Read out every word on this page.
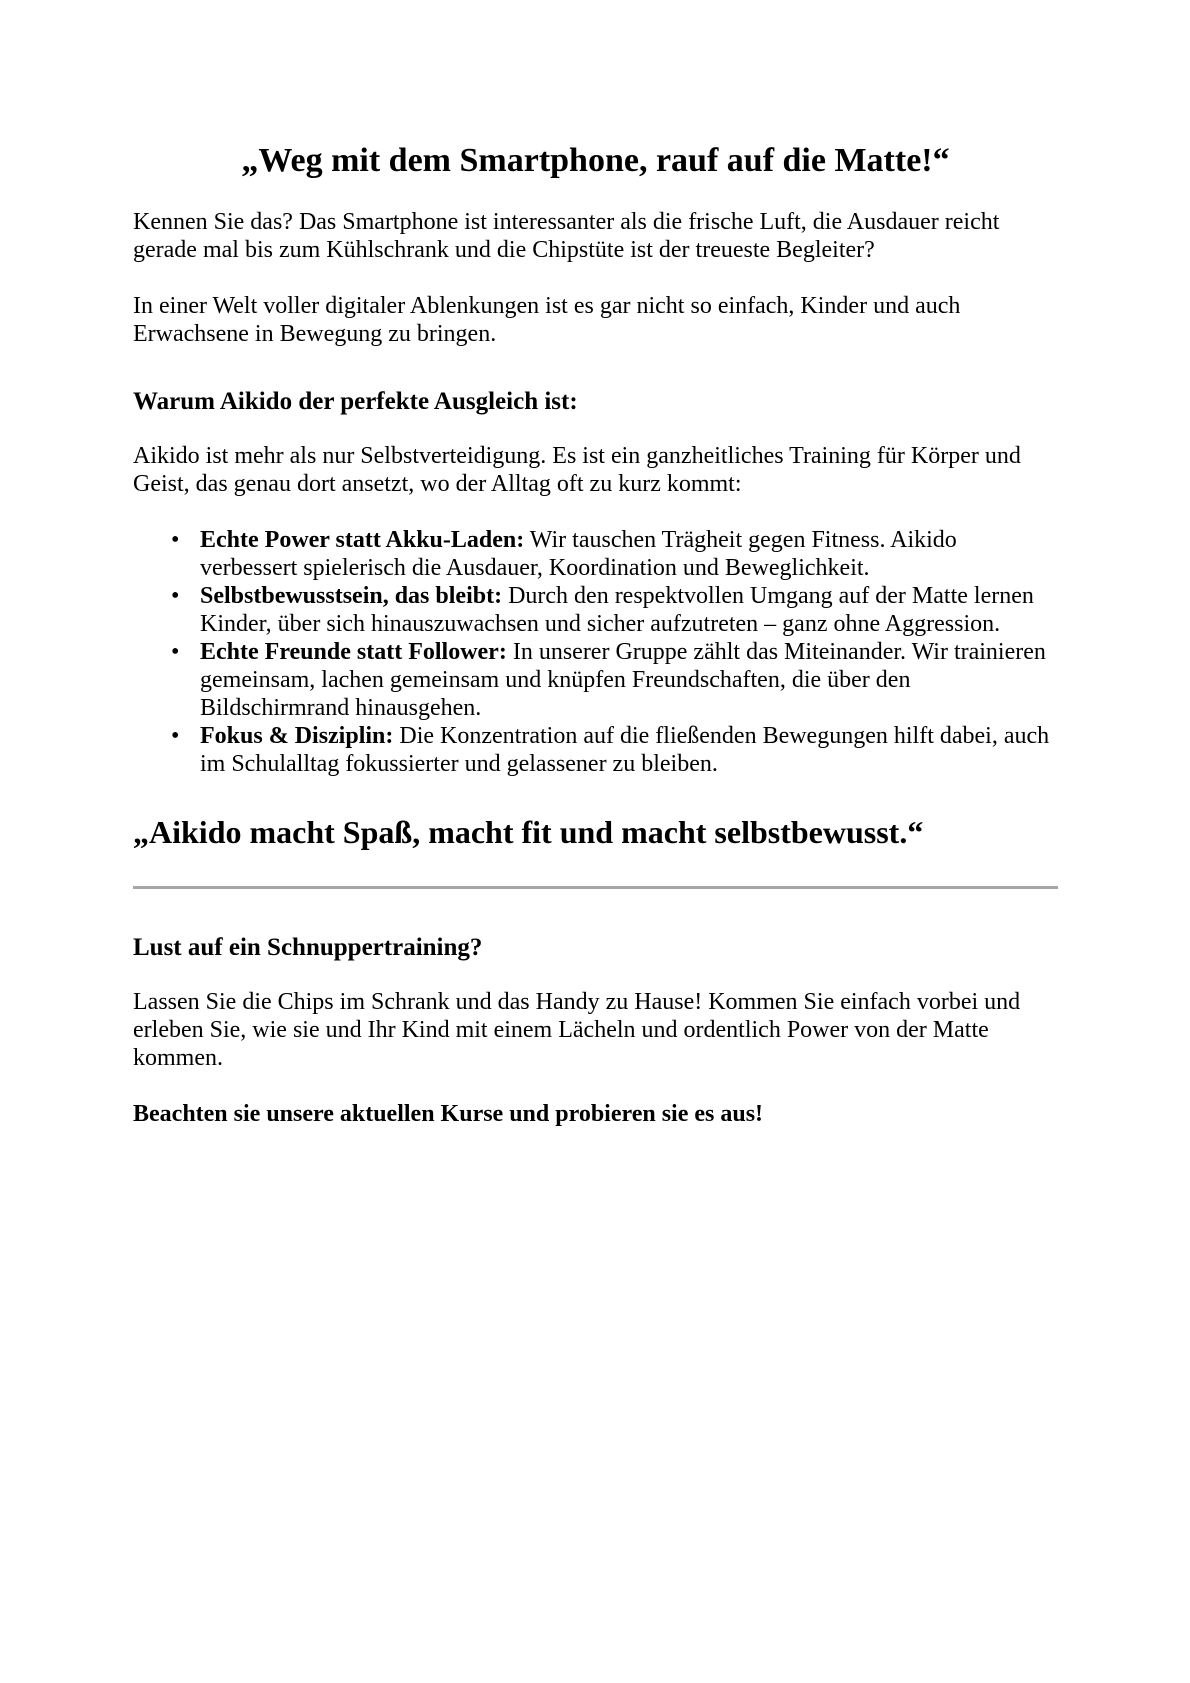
„Weg mit dem Smartphone, rauf auf die Matte!“

Kennen Sie das? Das Smartphone ist interessanter als die frische Luft, die Ausdauer reicht gerade mal bis zum Kühlschrank und die Chipstüte ist der treueste Begleiter?

In einer Welt voller digitaler Ablenkungen ist es gar nicht so einfach, Kinder und auch Erwachsene in Bewegung zu bringen.

Warum Aikido der perfekte Ausgleich ist:

Aikido ist mehr als nur Selbstverteidigung. Es ist ein ganzheitliches Training für Körper und Geist, das genau dort ansetzt, wo der Alltag oft zu kurz kommt:

• Echte Power statt Akku-Laden: Wir tauschen Trägheit gegen Fitness. Aikido verbessert spielerisch die Ausdauer, Koordination und Beweglichkeit.
• Selbstbewusstsein, das bleibt: Durch den respektvollen Umgang auf der Matte lernen Kinder, über sich hinauszuwachsen und sicher aufzutreten – ganz ohne Aggression.
• Echte Freunde statt Follower: In unserer Gruppe zählt das Miteinander. Wir trainieren gemeinsam, lachen gemeinsam und knüpfen Freundschaften, die über den Bildschirmrand hinausgehen.
• Fokus & Disziplin: Die Konzentration auf die fließenden Bewegungen hilft dabei, auch im Schulalltag fokussierter und gelassener zu bleiben.
„Aikido macht Spaß, macht fit und macht selbstbewusst.“
Lust auf ein Schnuppertraining?

Lassen Sie die Chips im Schrank und das Handy zu Hause! Kommen Sie einfach vorbei und erleben Sie, wie sie und Ihr Kind mit einem Lächeln und ordentlich Power von der Matte kommen.

Beachten sie unsere aktuellen Kurse und probieren sie es aus!
